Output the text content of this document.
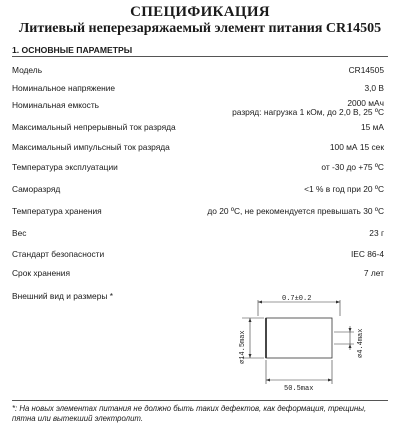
СПЕЦИФИКАЦИЯ
Литиевый неперезаряжаемый элемент питания CR14505
1. ОСНОВНЫЕ ПАРАМЕТРЫ
Модель	CR14505
Номинальное напряжение	3,0 В
Номинальная емкость	2000 мАч
разряд: нагрузка 1 кОм, до 2,0 В, 25 ºС
Максимальный непрерывный ток разряда	15 мА
Максимальный импульсный ток разряда	100 мА 15 сек
Температура эксплуатации	от -30 до +75 ºС
Саморазряд	<1 % в год при 20 ºС
Температура хранения	до 20 ºС, не рекомендуется превышать 30 ºС
Вес	23 г
Стандарт безопасности	IEC 86-4
Срок хранения	7 лет
Внешний вид и размеры *	0.7±0.2
⌀14.5max	⌀4.4max
50.5max
*: На новых элементах питания не должно быть таких дефектов, как деформация, трещины, пятна или вытекший электролит.
